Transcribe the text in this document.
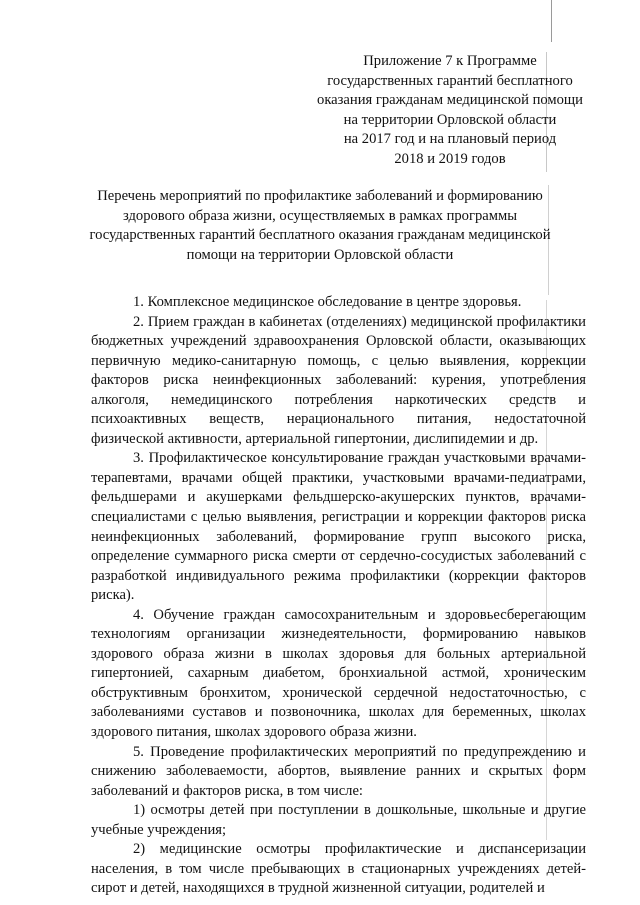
Приложение 7 к Программе
государственных гарантий бесплатного
оказания гражданам медицинской помощи
на территории Орловской области
на 2017 год и на плановый период
2018 и 2019 годов
Перечень мероприятий по профилактике заболеваний и формированию
здорового образа жизни, осуществляемых в рамках программы
государственных гарантий бесплатного оказания гражданам медицинской
помощи на территории Орловской области

1. Комплексное медицинское обследование в центре здоровья.

2. Прием граждан в кабинетах (отделениях) медицинской профилактики бюджетных учреждений здравоохранения Орловской области, оказывающих первичную медико-санитарную помощь, с целью выявления, коррекции факторов риска неинфекционных заболеваний: курения, употребления алкоголя, немедицинского потребления наркотических средств и психоактивных веществ, нерационального питания, недостаточной физической активности, артериальной гипертонии, дислипидемии и др.

3. Профилактическое консультирование граждан участковыми врачами-терапевтами, врачами общей практики, участковыми врачами-педиатрами, фельдшерами и акушерками фельдшерско-акушерских пунктов, врачами-специалистами с целью выявления, регистрации и коррекции факторов риска неинфекционных заболеваний, формирование групп высокого риска, определение суммарного риска смерти от сердечно-сосудистых заболеваний с разработкой индивидуального режима профилактики (коррекции факторов риска).

4. Обучение граждан самосохранительным и здоровьесберегающим технологиям организации жизнедеятельности, формированию навыков здорового образа жизни в школах здоровья для больных артериальной гипертонией, сахарным диабетом, бронхиальной астмой, хроническим обструктивным бронхитом, хронической сердечной недостаточностью, с заболеваниями суставов и позвоночника, школах для беременных, школах здорового питания, школах здорового образа жизни.

5. Проведение профилактических мероприятий по предупреждению и снижению заболеваемости, абортов, выявление ранних и скрытых форм заболеваний и факторов риска, в том числе:

1) осмотры детей при поступлении в дошкольные, школьные и другие учебные учреждения;

2) медицинские осмотры профилактические и диспансеризации населения, в том числе пребывающих в стационарных учреждениях детей-сирот и детей, находящихся в трудной жизненной ситуации, родителей и
